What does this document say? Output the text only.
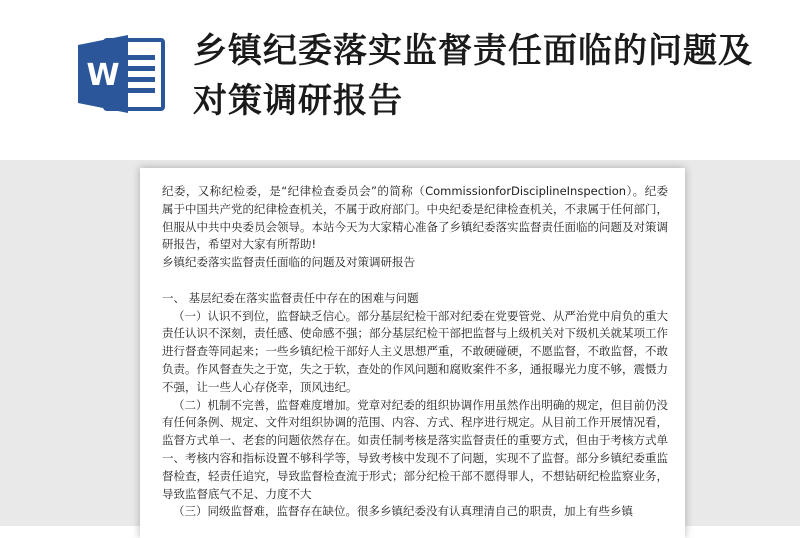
W
乡镇纪委落实监督责任面临的问题及对策调研报告

纪委，又称纪检委，是“纪律检查委员会”的简称（CommissionforDisciplineInspection）。纪委属于中国共产党的纪律检查机关，不属于政府部门。中央纪委是纪律检查机关，不隶属于任何部门，但服从中共中央委员会领导。本站今天为大家精心准备了乡镇纪委落实监督责任面临的问题及对策调研报告，希望对大家有所帮助!

乡镇纪委落实监督责任面临的问题及对策调研报告

一、 基层纪委在落实监督责任中存在的困难与问题

（一）认识不到位，监督缺乏信心。部分基层纪检干部对纪委在党要管党、从严治党中肩负的重大责任认识不深刻，责任感、使命感不强；部分基层纪检干部把监督与上级机关对下级机关就某项工作进行督查等同起来；一些乡镇纪检干部好人主义思想严重，不敢硬碰硬，不愿监督，不敢监督，不敢负责。作风督查失之于宽，失之于软，查处的作风问题和腐败案件不多，通报曝光力度不够，震慑力不强，让一些人心存侥幸，顶风违纪。

（二）机制不完善，监督难度增加。党章对纪委的组织协调作用虽然作出明确的规定，但目前仍没有任何条例、规定、文件对组织协调的范围、内容、方式、程序进行规定。从目前工作开展情况看，监督方式单一、老套的问题依然存在。如责任制考核是落实监督责任的重要方式，但由于考核方式单一、考核内容和指标设置不够科学等，导致考核中发现不了问题，实现不了监督。部分乡镇纪委重监督检查，轻责任追究，导致监督检查流于形式；部分纪检干部不愿得罪人，不想钻研纪检监察业务，导致监督底气不足、力度不大

（三）同级监督难，监督存在缺位。很多乡镇纪委没有认真理清自己的职责，加上有些乡镇
